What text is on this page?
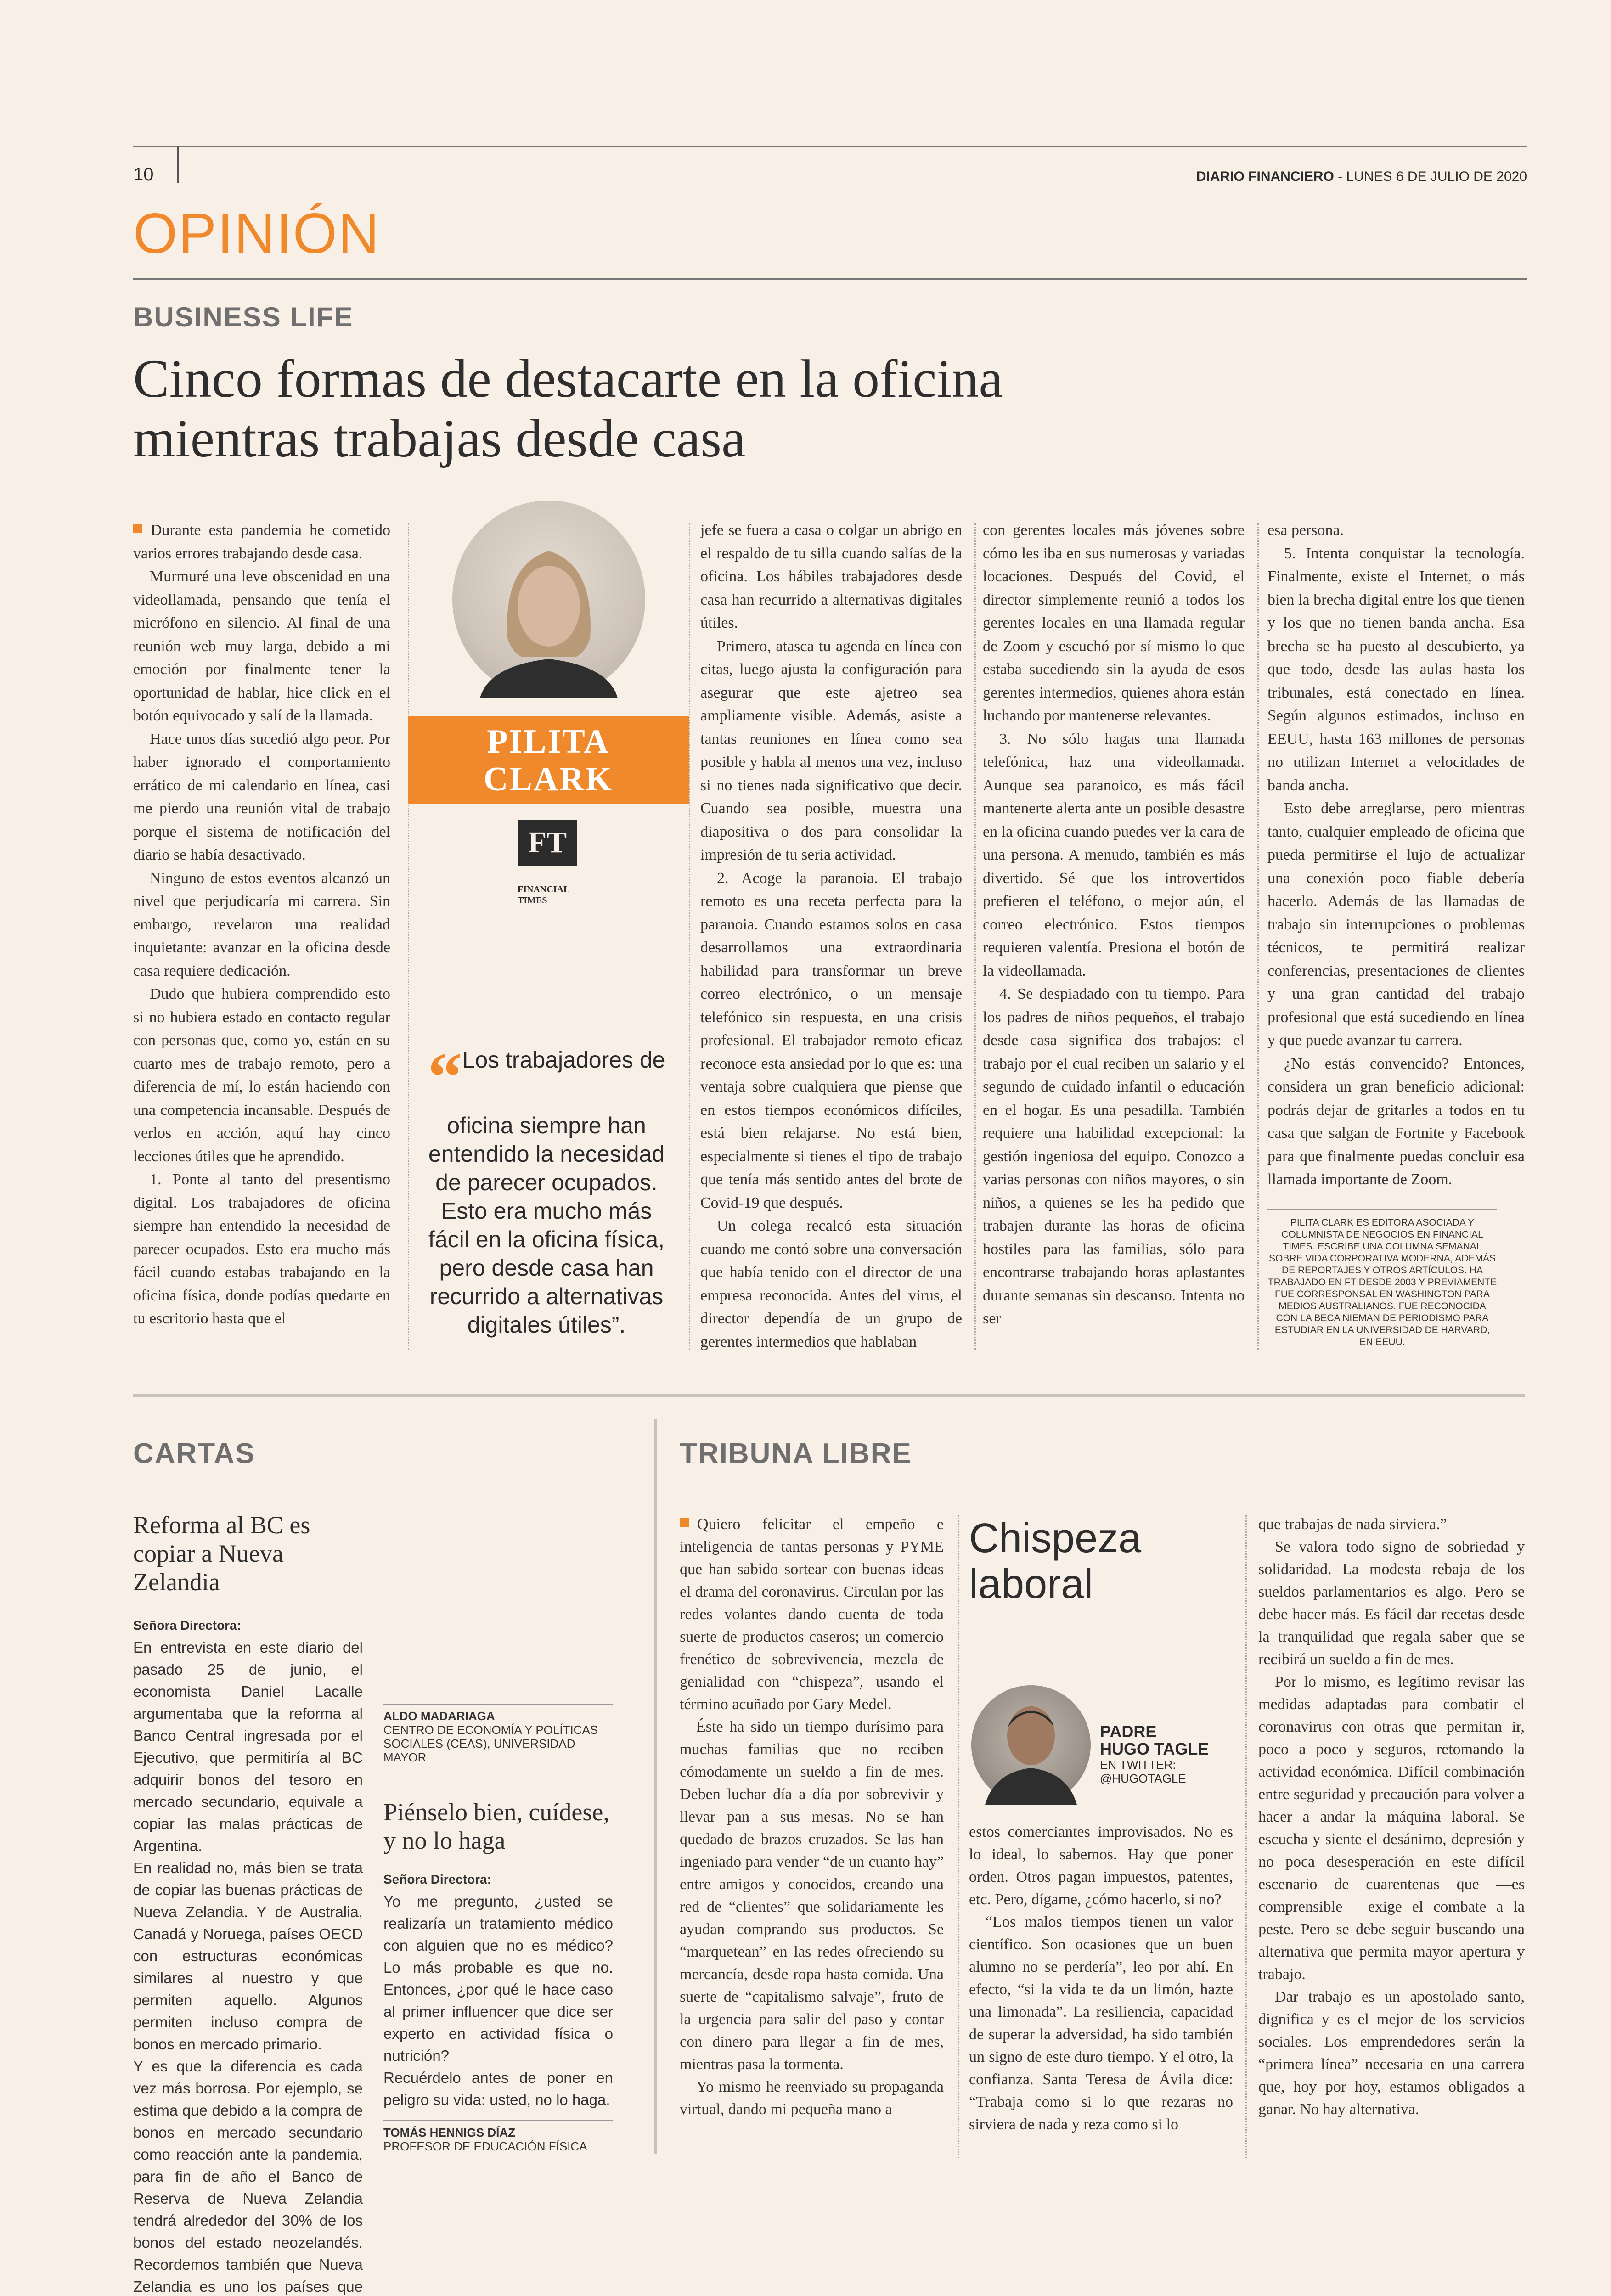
10	DIARIO FINANCIERO - LUNES 6 DE JULIO DE 2020
OPINIÓN
BUSINESS LIFE
Cinco formas de destacarte en la oficina
mientras trabajas desde casa

Durante esta pandemia he cometido varios errores trabajando desde casa.

Murmuré una leve obscenidad en una videollamada, pensando que tenía el micrófono en silencio. Al final de una reunión web muy larga, debido a mi emoción por finalmente tener la oportunidad de hablar, hice click en el botón equivocado y salí de la llamada.

Hace unos días sucedió algo peor. Por haber ignorado el comportamiento errático de mi calendario en línea, casi me pierdo una reunión vital de trabajo porque el sistema de notificación del diario se había desactivado.

Ninguno de estos eventos alcanzó un nivel que perjudicaría mi carrera. Sin embargo, revelaron una realidad inquietante: avanzar en la oficina desde casa requiere dedicación.

Dudo que hubiera comprendido esto si no hubiera estado en contacto regular con personas que, como yo, están en su cuarto mes de trabajo remoto, pero a diferencia de mí, lo están haciendo con una competencia incansable. Después de verlos en acción, aquí hay cinco lecciones útiles que he aprendido.

1. Ponte al tanto del presentismo digital. Los trabajadores de oficina siempre han entendido la necesidad de parecer ocupados. Esto era mucho más fácil cuando estabas trabajando en la oficina física, donde podías quedarte en tu escritorio hasta que el

PILITA
CLARK
FT
FINANCIAL
TIMES
“Los trabajadores de oficina siempre han entendido la necesidad de parecer ocupados. Esto era mucho más fácil en la oficina física, pero desde casa han recurrido a alternativas digitales útiles”.

jefe se fuera a casa o colgar un abrigo en el respaldo de tu silla cuando salías de la oficina. Los hábiles trabajadores desde casa han recurrido a alternativas digitales útiles.

Primero, atasca tu agenda en línea con citas, luego ajusta la configuración para asegurar que este ajetreo sea ampliamente visible. Además, asiste a tantas reuniones en línea como sea posible y habla al menos una vez, incluso si no tienes nada significativo que decir. Cuando sea posible, muestra una diapositiva o dos para consolidar la impresión de tu seria actividad.

2. Acoge la paranoia. El trabajo remoto es una receta perfecta para la paranoia. Cuando estamos solos en casa desarrollamos una extraordinaria habilidad para transformar un breve correo electrónico, o un mensaje telefónico sin respuesta, en una crisis profesional. El trabajador remoto eficaz reconoce esta ansiedad por lo que es: una ventaja sobre cualquiera que piense que en estos tiempos económicos difíciles, está bien relajarse. No está bien, especialmente si tienes el tipo de trabajo que tenía más sentido antes del brote de Covid-19 que después.

Un colega recalcó esta situación cuando me contó sobre una conversación que había tenido con el director de una empresa reconocida. Antes del virus, el director dependía de un grupo de gerentes intermedios que hablaban

con gerentes locales más jóvenes sobre cómo les iba en sus numerosas y variadas locaciones. Después del Covid, el director simplemente reunió a todos los gerentes locales en una llamada regular de Zoom y escuchó por sí mismo lo que estaba sucediendo sin la ayuda de esos gerentes intermedios, quienes ahora están luchando por mantenerse relevantes.

3. No sólo hagas una llamada telefónica, haz una videollamada. Aunque sea paranoico, es más fácil mantenerte alerta ante un posible desastre en la oficina cuando puedes ver la cara de una persona. A menudo, también es más divertido. Sé que los introvertidos prefieren el teléfono, o mejor aún, el correo electrónico. Estos tiempos requieren valentía. Presiona el botón de la videollamada.

4. Se despiadado con tu tiempo. Para los padres de niños pequeños, el trabajo desde casa significa dos trabajos: el trabajo por el cual reciben un salario y el segundo de cuidado infantil o educación en el hogar. Es una pesadilla. También requiere una habilidad excepcional: la gestión ingeniosa del equipo. Conozco a varias personas con niños mayores, o sin niños, a quienes se les ha pedido que trabajen durante las horas de oficina hostiles para las familias, sólo para encontrarse trabajando horas aplastantes durante semanas sin descanso. Intenta no ser

esa persona.

5. Intenta conquistar la tecnología. Finalmente, existe el Internet, o más bien la brecha digital entre los que tienen y los que no tienen banda ancha. Esa brecha se ha puesto al descubierto, ya que todo, desde las aulas hasta los tribunales, está conectado en línea. Según algunos estimados, incluso en EEUU, hasta 163 millones de personas no utilizan Internet a velocidades de banda ancha.

Esto debe arreglarse, pero mientras tanto, cualquier empleado de oficina que pueda permitirse el lujo de actualizar una conexión poco fiable debería hacerlo. Además de las llamadas de trabajo sin interrupciones o problemas técnicos, te permitirá realizar conferencias, presentaciones de clientes y una gran cantidad del trabajo profesional que está sucediendo en línea y que puede avanzar tu carrera.

¿No estás convencido? Entonces, considera un gran beneficio adicional: podrás dejar de gritarles a todos en tu casa que salgan de Fortnite y Facebook para que finalmente puedas concluir esa llamada importante de Zoom.

PILITA CLARK ES EDITORA ASOCIADA Y COLUMNISTA DE NEGOCIOS EN FINANCIAL TIMES. ESCRIBE UNA COLUMNA SEMANAL SOBRE VIDA CORPORATIVA MODERNA, ADEMÁS DE REPORTAJES Y OTROS ARTÍCULOS. HA TRABAJADO EN FT DESDE 2003 Y PREVIAMENTE FUE CORRESPONSAL EN WASHINGTON PARA MEDIOS AUSTRALIANOS. FUE RECONOCIDA CON LA BECA NIEMAN DE PERIODISMO PARA ESTUDIAR EN LA UNIVERSIDAD DE HARVARD, EN EEUU.
CARTAS
Reforma al BC es copiar a Nueva Zelandia
Señora Directora:
En entrevista en este diario del pasado 25 de junio, el economista Daniel Lacalle argumentaba que la reforma al Banco Central ingresada por el Ejecutivo, que permitiría al BC adquirir bonos del tesoro en mercado secundario, equivale a copiar las malas prácticas de Argentina.
En realidad no, más bien se trata de copiar las buenas prácticas de Nueva Zelandia. Y de Australia, Canadá y Noruega, países OECD con estructuras económicas similares al nuestro y que permiten aquello. Algunos permiten incluso compra de bonos en mercado primario.
Y es que la diferencia es cada vez más borrosa. Por ejemplo, se estima que debido a la compra de bonos en mercado secundario como reacción ante la pandemia, para fin de año el Banco de Reserva de Nueva Zelandia tendrá alrededor del 30% de los bonos del estado neozelandés. Recordemos también que Nueva Zelandia es uno los países que
ALDO MADARIAGA
CENTRO DE ECONOMÍA Y POLÍTICAS SOCIALES (CEAS), UNIVERSIDAD MAYOR
Piénselo bien, cuídese, y no lo haga
Señora Directora:
Yo me pregunto, ¿usted se realizaría un tratamiento médico con alguien que no es médico? Lo más probable es que no. Entonces, ¿por qué le hace caso al primer influencer que dice ser experto en actividad física o nutrición?
Recuérdelo antes de poner en peligro su vida: usted, no lo haga.
TOMÁS HENNIGS DÍAZ
PROFESOR DE EDUCACIÓN FÍSICA
TRIBUNA LIBRE

Quiero felicitar el empeño e inteligencia de tantas personas y PYME que han sabido sortear con buenas ideas el drama del coronavirus. Circulan por las redes volantes dando cuenta de toda suerte de productos caseros; un comercio frenético de sobrevivencia, mezcla de genialidad con “chispeza”, usando el término acuñado por Gary Medel.

Éste ha sido un tiempo durísimo para muchas familias que no reciben cómodamente un sueldo a fin de mes. Deben luchar día a día por sobrevivir y llevar pan a sus mesas. No se han quedado de brazos cruzados. Se las han ingeniado para vender “de un cuanto hay” entre amigos y conocidos, creando una red de “clientes” que solidariamente les ayudan comprando sus productos. Se “marquetean” en las redes ofreciendo su mercancía, desde ropa hasta comida. Una suerte de “capitalismo salvaje”, fruto de la urgencia para salir del paso y contar con dinero para llegar a fin de mes, mientras pasa la tormenta.

Yo mismo he reenviado su propaganda virtual, dando mi pequeña mano a

Chispeza laboral
PADRE
HUGO TAGLE
EN TWITTER:
@HUGOTAGLE

estos comerciantes improvisados. No es lo ideal, lo sabemos. Hay que poner orden. Otros pagan impuestos, patentes, etc. Pero, dígame, ¿cómo hacerlo, si no?

“Los malos tiempos tienen un valor científico. Son ocasiones que un buen alumno no se perdería”, leo por ahí. En efecto, “si la vida te da un limón, hazte una limonada”. La resiliencia, capacidad de superar la adversidad, ha sido también un signo de este duro tiempo. Y el otro, la confianza. Santa Teresa de Ávila dice: “Trabaja como si lo que rezaras no sirviera de nada y reza como si lo

que trabajas de nada sirviera.”

Se valora todo signo de sobriedad y solidaridad. La modesta rebaja de los sueldos parlamentarios es algo. Pero se debe hacer más. Es fácil dar recetas desde la tranquilidad que regala saber que se recibirá un sueldo a fin de mes.

Por lo mismo, es legítimo revisar las medidas adaptadas para combatir el coronavirus con otras que permitan ir, poco a poco y seguros, retomando la actividad económica. Difícil combinación entre seguridad y precaución para volver a hacer a andar la máquina laboral. Se escucha y siente el desánimo, depresión y no poca desesperación en este difícil escenario de cuarentenas que —es comprensible— exige el combate a la peste. Pero se debe seguir buscando una alternativa que permita mayor apertura y trabajo.

Dar trabajo es un apostolado santo, dignifica y es el mejor de los servicios sociales. Los emprendedores serán la “primera línea” necesaria en una carrera que, hoy por hoy, estamos obligados a ganar. No hay alternativa.
